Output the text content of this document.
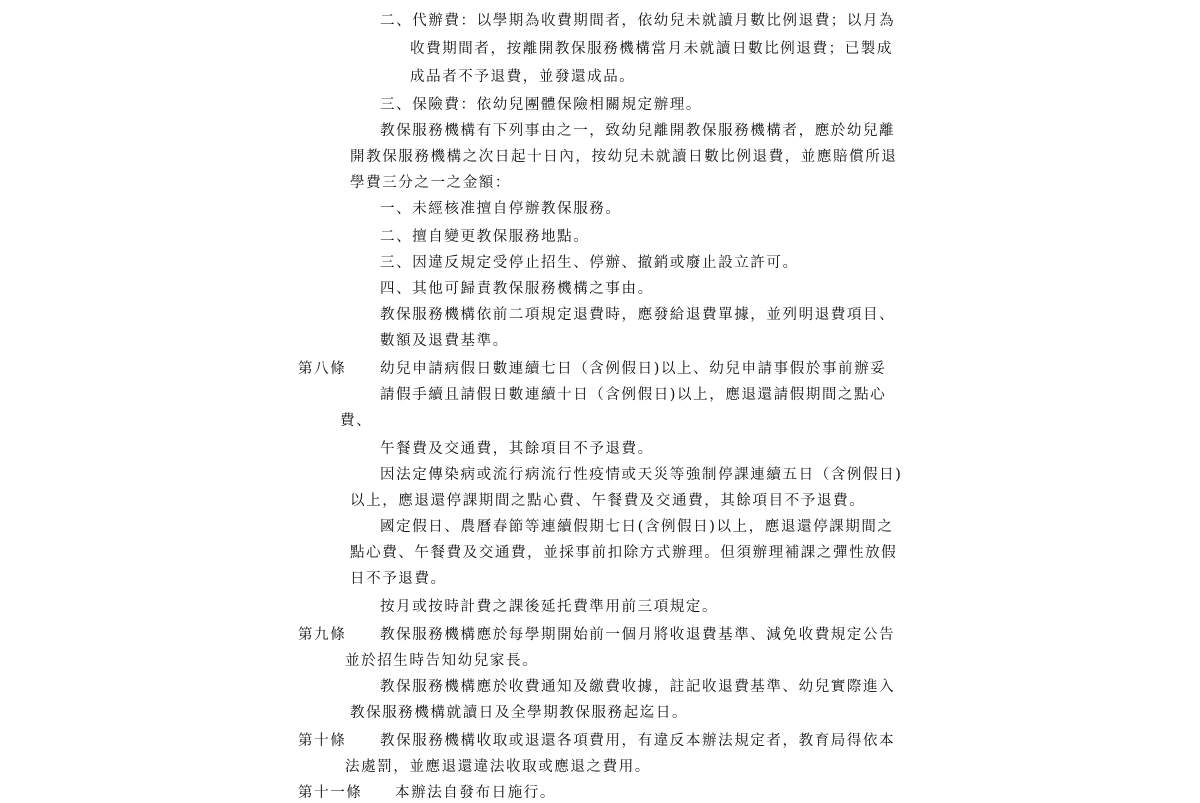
二、代辦費：以學期為收費期間者，依幼兒未就讀月數比例退費；以月為
收費期間者，按離開教保服務機構當月未就讀日數比例退費；已製成
成品者不予退費，並發還成品。
三、保險費：依幼兒團體保險相關規定辦理。
教保服務機構有下列事由之一，致幼兒離開教保服務機構者，應於幼兒離
開教保服務機構之次日起十日內，按幼兒未就讀日數比例退費，並應賠償所退
學費三分之一之金額：
一、未經核准擅自停辦教保服務。
二、擅自變更教保服務地點。
三、因違反規定受停止招生、停辦、撤銷或廢止設立許可。
四、其他可歸責教保服務機構之事由。
教保服務機構依前二項規定退費時，應發給退費單據，並列明退費項目、
數額及退費基準。
第八條 幼兒申請病假日數連續七日（含例假日)以上、幼兒申請事假於事前辦妥
請假手續且請假日數連續十日（含例假日)以上，應退還請假期間之點心
費、
午餐費及交通費，其餘項目不予退費。
因法定傳染病或流行病流行性疫情或天災等強制停課連續五日（含例假日)
以上，應退還停課期間之點心費、午餐費及交通費，其餘項目不予退費。
國定假日、農曆春節等連續假期七日(含例假日)以上，應退還停課期間之
點心費、午餐費及交通費，並採事前扣除方式辦理。但須辦理補課之彈性放假
日不予退費。
按月或按時計費之課後延托費準用前三項規定。
第九條 教保服務機構應於每學期開始前一個月將收退費基準、減免收費規定公告
並於招生時告知幼兒家長。
教保服務機構應於收費通知及繳費收據，註記收退費基準、幼兒實際進入
教保服務機構就讀日及全學期教保服務起迄日。
第十條 教保服務機構收取或退還各項費用，有違反本辦法規定者，教育局得依本
法處罰，並應退還違法收取或應退之費用。
第十一條 本辦法自發布日施行。
